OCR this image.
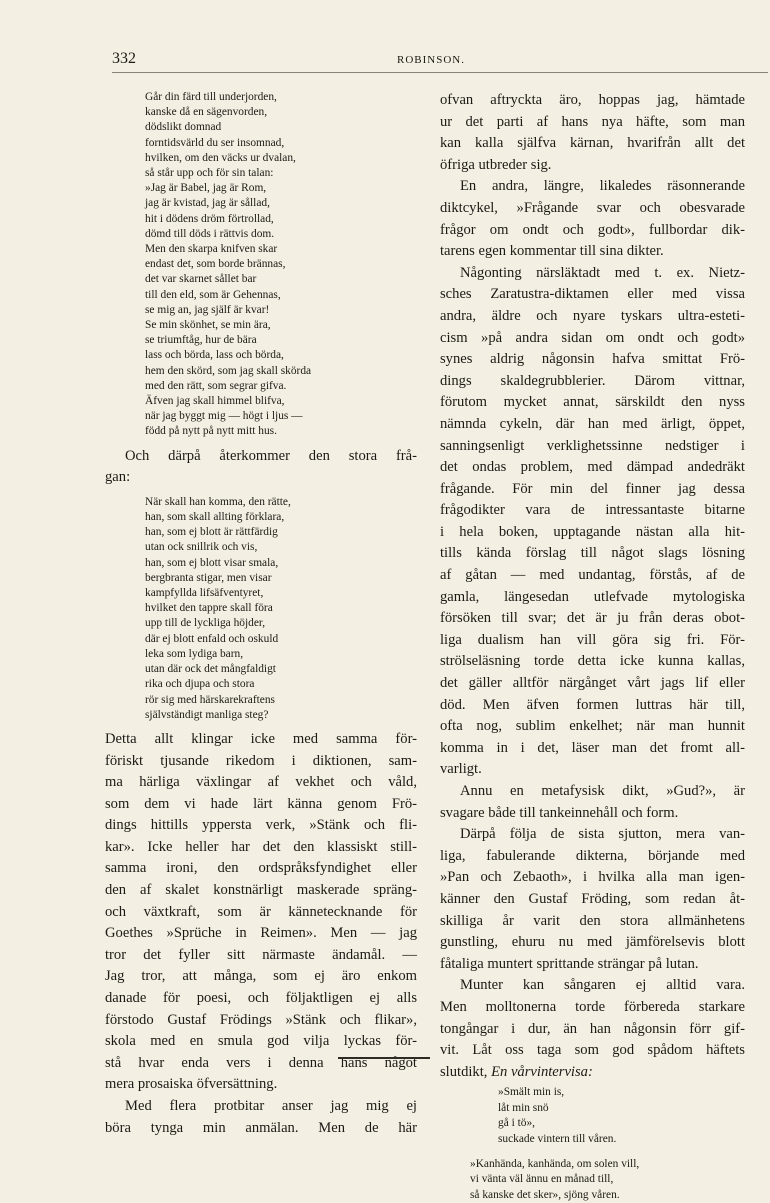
332	ROBINSON.
Går din färd till underjorden,
kanske då en sägenvorden,
dödslikt domnad
forntidsvärld du ser insomnad,
hvilken, om den väcks ur dvalan,
så står upp och för sin talan:
»Jag är Babel, jag är Rom,
jag är kvistad, jag är sållad,
hit i dödens dröm förtrollad,
dömd till döds i rättvis dom.
Men den skarpa knifven skar
endast det, som borde brännas,
det var skarnet sållet bar
till den eld, som är Gehennas,
se mig an, jag själf är kvar!
Se min skönhet, se min ära,
se triumftåg, hur de bära
lass och börda, lass och börda,
hem den skörd, som jag skall skörda
med den rätt, som segrar gifva.
Äfven jag skall himmel blifva,
när jag byggt mig — högt i ljus —
född på nytt på nytt mitt hus.
Och därpå återkommer den stora frå-
gan:
När skall han komma, den rätte,
han, som skall allting förklara,
han, som ej blott är rättfärdig
utan ock snillrik och vis,
han, som ej blott visar smala,
bergbranta stigar, men visar
kampfyllda lifsäfventyret,
hvilket den tappre skall föra
upp till de lyckliga höjder,
där ej blott enfald och oskuld
leka som lydiga barn,
utan där ock det mångfaldigt
rika och djupa och stora
rör sig med härskarekraftens
självständigt manliga steg?
Detta allt klingar icke med samma för-
föriskt tjusande rikedom i diktionen, sam-
ma härliga växlingar af vekhet och våld,
som dem vi hade lärt känna genom Frö-
dings hittills yppersta verk, »Stänk och fli-
kar». Icke heller har det den klassiskt still-
samma ironi, den ordspråksfyndighet eller
den af skalet konstnärligt maskerade spräng-
och växtkraft, som är kännetecknande för
Goethes »Sprüche in Reimen». Men — jag
tror det fyller sitt närmaste ändamål. —
Jag tror, att många, som ej äro enkom
danade för poesi, och följaktligen ej alls
förstodo Gustaf Frödings »Stänk och flikar»,
skola med en smula god vilja lyckas för-
stå hvar enda vers i denna hans något
mera prosaiska öfversättning.
Med flera protbitar anser jag mig ej
böra tynga min anmälan. Men de här
ofvan aftryckta äro, hoppas jag, hämtade
ur det parti af hans nya häfte, som man
kan kalla själfva kärnan, hvarifrån allt det
öfriga utbreder sig.
En andra, längre, likaledes räsonnerande
diktcykel, »Frågande svar och obesvarade
frågor om ondt och godt», fullbordar dik-
tarens egen kommentar till sina dikter.
Någonting närsläktadt med t. ex. Nietz-
sches Zaratustra-diktamen eller med vissa
andra, äldre och nyare tyskars ultra-esteti-
cism »på andra sidan om ondt och godt»
synes aldrig någonsin hafva smittat Frö-
dings skaldegrubblerier. Därom vittnar,
förutom mycket annat, särskildt den nyss
nämnda cykeln, där han med ärligt, öppet,
sanningsenligt verklighetssinne nedstiger i
det ondas problem, med dämpad andedräkt
frågande. För min del finner jag dessa
frågodikter vara de intressantaste bitarne
i hela boken, upptagande nästan alla hit-
tills kända förslag till något slags lösning
af gåtan — med undantag, förstås, af de
gamla, längesedan utlefvade mytologiska
försöken till svar; det är ju från deras obot-
liga dualism han vill göra sig fri. För-
strölseläsning torde detta icke kunna kallas,
det gäller alltför närgånget vårt jags lif eller
död. Men äfven formen luttras här till,
ofta nog, sublim enkelhet; när man hunnit
komma in i det, läser man det fromt all-
varligt.
Annu en metafysisk dikt, »Gud?», är
svagare både till tankeinnehåll och form.
Därpå följa de sista sjutton, mera van-
liga, fabulerande dikterna, börjande med
»Pan och Zebaoth», i hvilka alla man igen-
känner den Gustaf Fröding, som redan åt-
skilliga år varit den stora allmänhetens
gunstling, ehuru nu med jämförelsevis blott
fåtaliga muntert sprittande strängar på lutan.
Munter kan sångaren ej alltid vara.
Men molltonerna torde förbereda starkare
tongångar i dur, än han någonsin förr gif-
vit. Låt oss taga som god spådom häftets
slutdikt, En vårvintervisa:
»Smält min is,
låt min snö
gå i tö»,
suckade vintern till våren.
»Kanhända, kanhända, om solen vill,
vi vänta väl ännu en månad till,
så kanske det sker», sjöng våren.
